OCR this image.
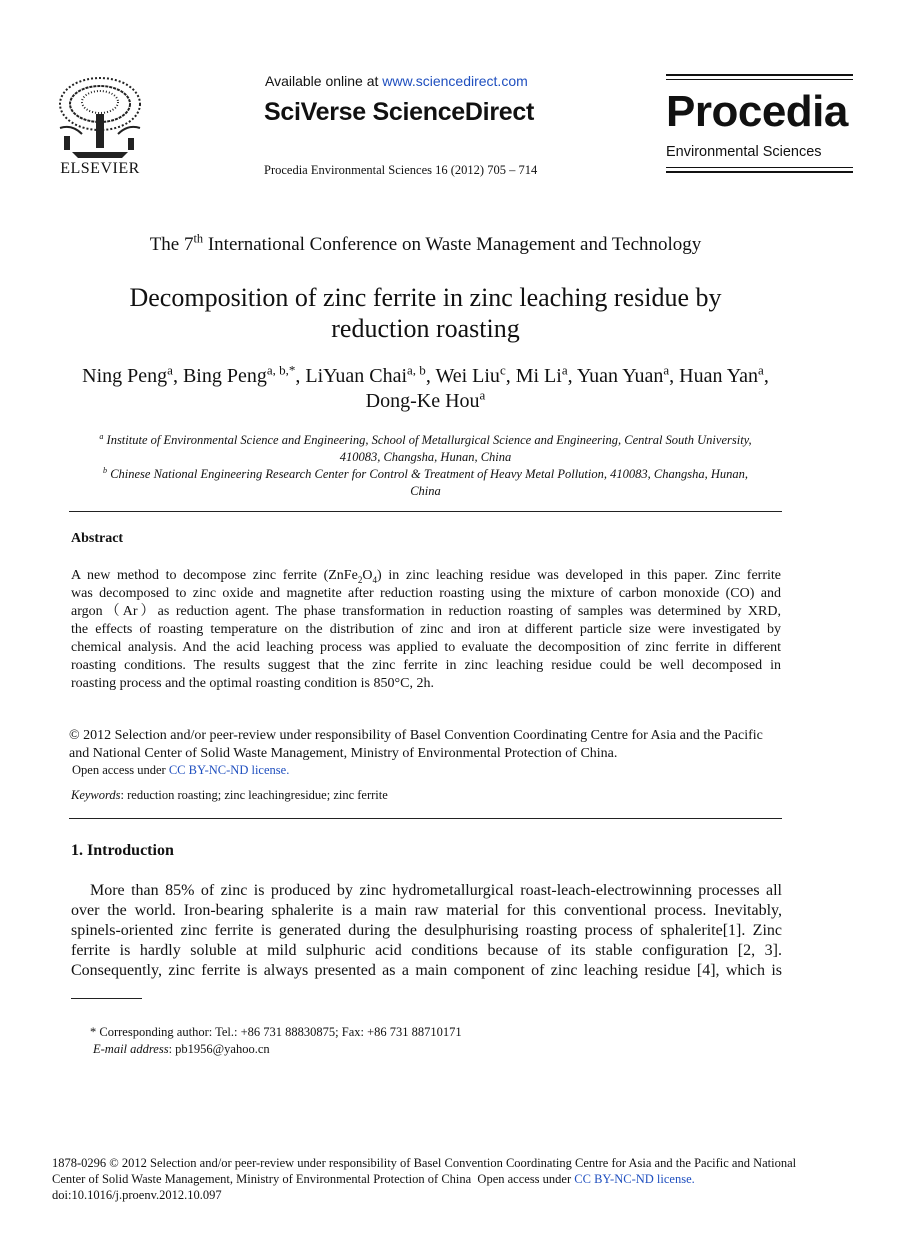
ELSEVIER
Available online at www.sciencedirect.com
SciVerse ScienceDirect
Procedia Environmental Sciences 16 (2012) 705 – 714
Procedia
Environmental Sciences
The 7th International Conference on Waste Management and Technology
Decomposition of zinc ferrite in zinc leaching residue by
reduction roasting
Ning Peng$^a$, Bing Peng$^{a, b,*}$, LiYuan Chai$^{a, b}$, Wei Liu$^c$, Mi Li$^a$, Yuan Yuan$^a$, Huan Yan$^a$, Dong-Ke Hou$^a$
$^a$ Institute of Environmental Science and Engineering, School of Metallurgical Science and Engineering, Central South University,
410083, Changsha, Hunan, China
$^b$ Chinese National Engineering Research Center for Control & Treatment of Heavy Metal Pollution, 410083, Changsha, Hunan,
China
Abstract
A new method to decompose zinc ferrite $(ZnFe_2O_4)$ in zinc leaching residue was developed in this paper. Zinc ferrite
was decomposed to zinc oxide and magnetite after reduction roasting using the mixture of carbon monoxide (CO) and
argon（Ar）as reduction agent. The phase transformation in reduction roasting of samples was determined by XRD,
the effects of roasting temperature on the distribution of zinc and iron at different particle size were investigated by
chemical analysis. And the acid leaching process was applied to evaluate the decomposition of zinc ferrite in different
roasting conditions. The results suggest that the zinc ferrite in zinc leaching residue could be well decomposed in
roasting process and the optimal roasting condition is 850°C, 2h.
© 2012 Selection and/or peer-review under responsibility of Basel Convention Coordinating Centre for Asia and the Pacific
and National Center of Solid Waste Management, Ministry of Environmental Protection of China.
Open access under CC BY-NC-ND license.
Keywords: reduction roasting; zinc leachingresidue; zinc ferrite
1. Introduction
More than 85% of zinc is produced by zinc hydrometallurgical roast-leach-electrowinning processes all
over the world. Iron-bearing sphalerite is a main raw material for this conventional process. Inevitably,
spinels-oriented zinc ferrite is generated during the desulphurising roasting process of sphalerite[1]. Zinc
ferrite is hardly soluble at mild sulphuric acid conditions because of its stable configuration [2, 3].
Consequently, zinc ferrite is always presented as a main component of zinc leaching residue [4], which is
* Corresponding author: Tel.: +86 731 88830875; Fax: +86 731 88710171
E-mail address: pb1956@yahoo.cn
1878-0296 © 2012 Selection and/or peer-review under responsibility of Basel Convention Coordinating Centre for Asia and the Pacific and National
Center of Solid Waste Management, Ministry of Environmental Protection of China Open access under CC BY-NC-ND license.
doi:10.1016/j.proenv.2012.10.097
